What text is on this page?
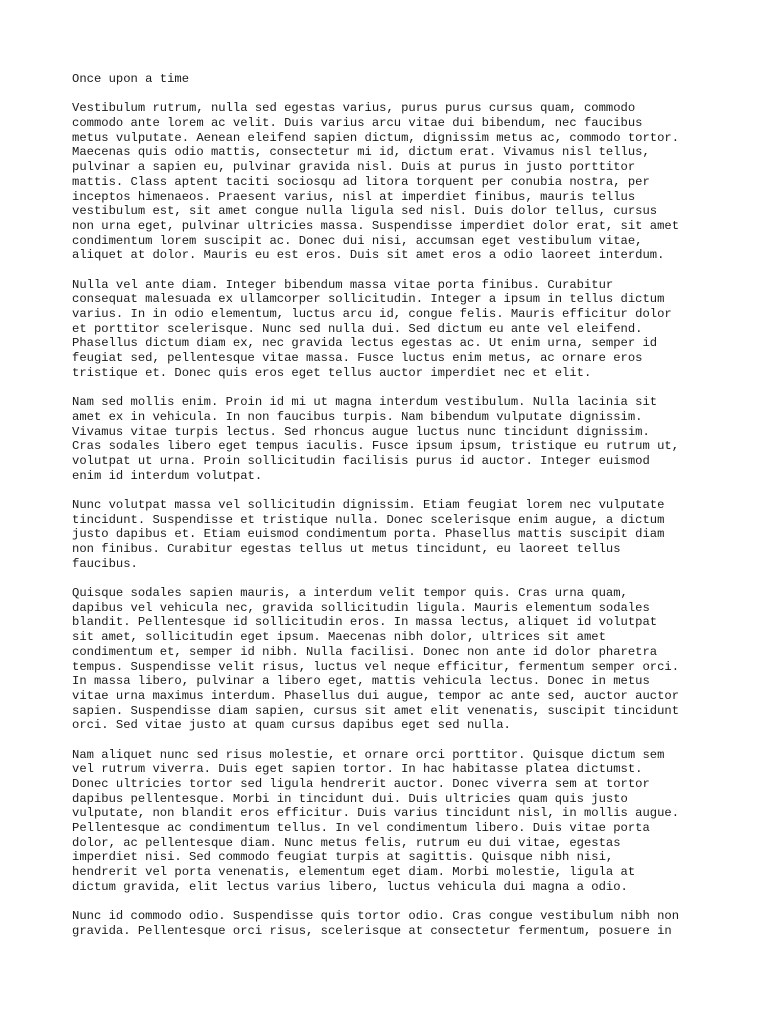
Once upon a time
Vestibulum rutrum, nulla sed egestas varius, purus purus cursus quam, commodo
commodo ante lorem ac velit. Duis varius arcu vitae dui bibendum, nec faucibus
metus vulputate. Aenean eleifend sapien dictum, dignissim metus ac, commodo tortor.
Maecenas quis odio mattis, consectetur mi id, dictum erat. Vivamus nisl tellus,
pulvinar a sapien eu, pulvinar gravida nisl. Duis at purus in justo porttitor
mattis. Class aptent taciti sociosqu ad litora torquent per conubia nostra, per
inceptos himenaeos. Praesent varius, nisl at imperdiet finibus, mauris tellus
vestibulum est, sit amet congue nulla ligula sed nisl. Duis dolor tellus, cursus
non urna eget, pulvinar ultricies massa. Suspendisse imperdiet dolor erat, sit amet
condimentum lorem suscipit ac. Donec dui nisi, accumsan eget vestibulum vitae,
aliquet at dolor. Mauris eu est eros. Duis sit amet eros a odio laoreet interdum.
Nulla vel ante diam. Integer bibendum massa vitae porta finibus. Curabitur
consequat malesuada ex ullamcorper sollicitudin. Integer a ipsum in tellus dictum
varius. In in odio elementum, luctus arcu id, congue felis. Mauris efficitur dolor
et porttitor scelerisque. Nunc sed nulla dui. Sed dictum eu ante vel eleifend.
Phasellus dictum diam ex, nec gravida lectus egestas ac. Ut enim urna, semper id
feugiat sed, pellentesque vitae massa. Fusce luctus enim metus, ac ornare eros
tristique et. Donec quis eros eget tellus auctor imperdiet nec et elit.
Nam sed mollis enim. Proin id mi ut magna interdum vestibulum. Nulla lacinia sit
amet ex in vehicula. In non faucibus turpis. Nam bibendum vulputate dignissim.
Vivamus vitae turpis lectus. Sed rhoncus augue luctus nunc tincidunt dignissim.
Cras sodales libero eget tempus iaculis. Fusce ipsum ipsum, tristique eu rutrum ut,
volutpat ut urna. Proin sollicitudin facilisis purus id auctor. Integer euismod
enim id interdum volutpat.
Nunc volutpat massa vel sollicitudin dignissim. Etiam feugiat lorem nec vulputate
tincidunt. Suspendisse et tristique nulla. Donec scelerisque enim augue, a dictum
justo dapibus et. Etiam euismod condimentum porta. Phasellus mattis suscipit diam
non finibus. Curabitur egestas tellus ut metus tincidunt, eu laoreet tellus
faucibus.
Quisque sodales sapien mauris, a interdum velit tempor quis. Cras urna quam,
dapibus vel vehicula nec, gravida sollicitudin ligula. Mauris elementum sodales
blandit. Pellentesque id sollicitudin eros. In massa lectus, aliquet id volutpat
sit amet, sollicitudin eget ipsum. Maecenas nibh dolor, ultrices sit amet
condimentum et, semper id nibh. Nulla facilisi. Donec non ante id dolor pharetra
tempus. Suspendisse velit risus, luctus vel neque efficitur, fermentum semper orci.
In massa libero, pulvinar a libero eget, mattis vehicula lectus. Donec in metus
vitae urna maximus interdum. Phasellus dui augue, tempor ac ante sed, auctor auctor
sapien. Suspendisse diam sapien, cursus sit amet elit venenatis, suscipit tincidunt
orci. Sed vitae justo at quam cursus dapibus eget sed nulla.
Nam aliquet nunc sed risus molestie, et ornare orci porttitor. Quisque dictum sem
vel rutrum viverra. Duis eget sapien tortor. In hac habitasse platea dictumst.
Donec ultricies tortor sed ligula hendrerit auctor. Donec viverra sem at tortor
dapibus pellentesque. Morbi in tincidunt dui. Duis ultricies quam quis justo
vulputate, non blandit eros efficitur. Duis varius tincidunt nisl, in mollis augue.
Pellentesque ac condimentum tellus. In vel condimentum libero. Duis vitae porta
dolor, ac pellentesque diam. Nunc metus felis, rutrum eu dui vitae, egestas
imperdiet nisi. Sed commodo feugiat turpis at sagittis. Quisque nibh nisi,
hendrerit vel porta venenatis, elementum eget diam. Morbi molestie, ligula at
dictum gravida, elit lectus varius libero, luctus vehicula dui magna a odio.
Nunc id commodo odio. Suspendisse quis tortor odio. Cras congue vestibulum nibh non
gravida. Pellentesque orci risus, scelerisque at consectetur fermentum, posuere in
